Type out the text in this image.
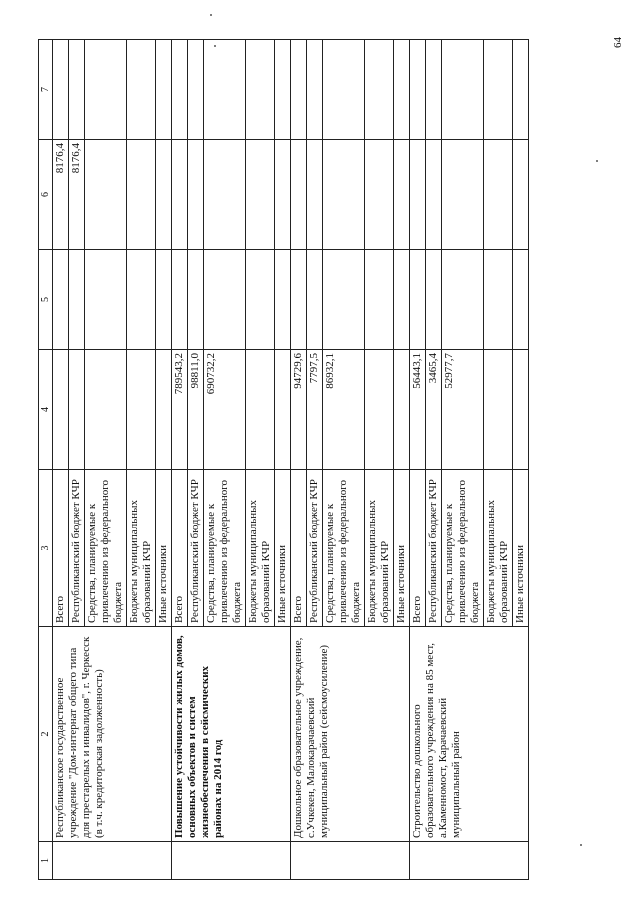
64
1	2	3	4	5	6	7
	Республиканское государственное учреждение "Дом-интернат общего типа для престарелых и инвалидов", г. Черкесск (в т.ч. кредиторская задолженность)	Всего			8176,4	
		Республиканский бюджет КЧР			8176,4	
		Средства, планируемые к привлечению из федерального бюджета				
		Бюджеты муниципальных образований КЧР				
		Иные источники				
	Повышение устойчивости жилых домов, основных объектов и систем жизнеобеспечения в сейсмических районах на 2014 год	Всего	789543,2			
		Республиканский бюджет КЧР	98811,0			
		Средства, планируемые к привлечению из федерального бюджета	690732,2			
		Бюджеты муниципальных образований КЧР				
		Иные источники				
	Дошкольное образовательное учреждение, с.Учкекен, Малокарачаевский муниципальный район (сейсмоусиление)	Всего	94729,6			
		Республиканский бюджет КЧР	7797,5			
		Средства, планируемые к привлечению из федерального бюджета	86932,1			
		Бюджеты муниципальных образований КЧР				
		Иные источники				
	Строительство дошкольного образовательного учреждения на 85 мест, а.Каменномост, Карачаевский муниципальный район	Всего	56443,1			
		Республиканский бюджет КЧР	3465,4			
		Средства, планируемые к привлечению из федерального бюджета	52977,7			
		Бюджеты муниципальных образований КЧР				
		Иные источники				
